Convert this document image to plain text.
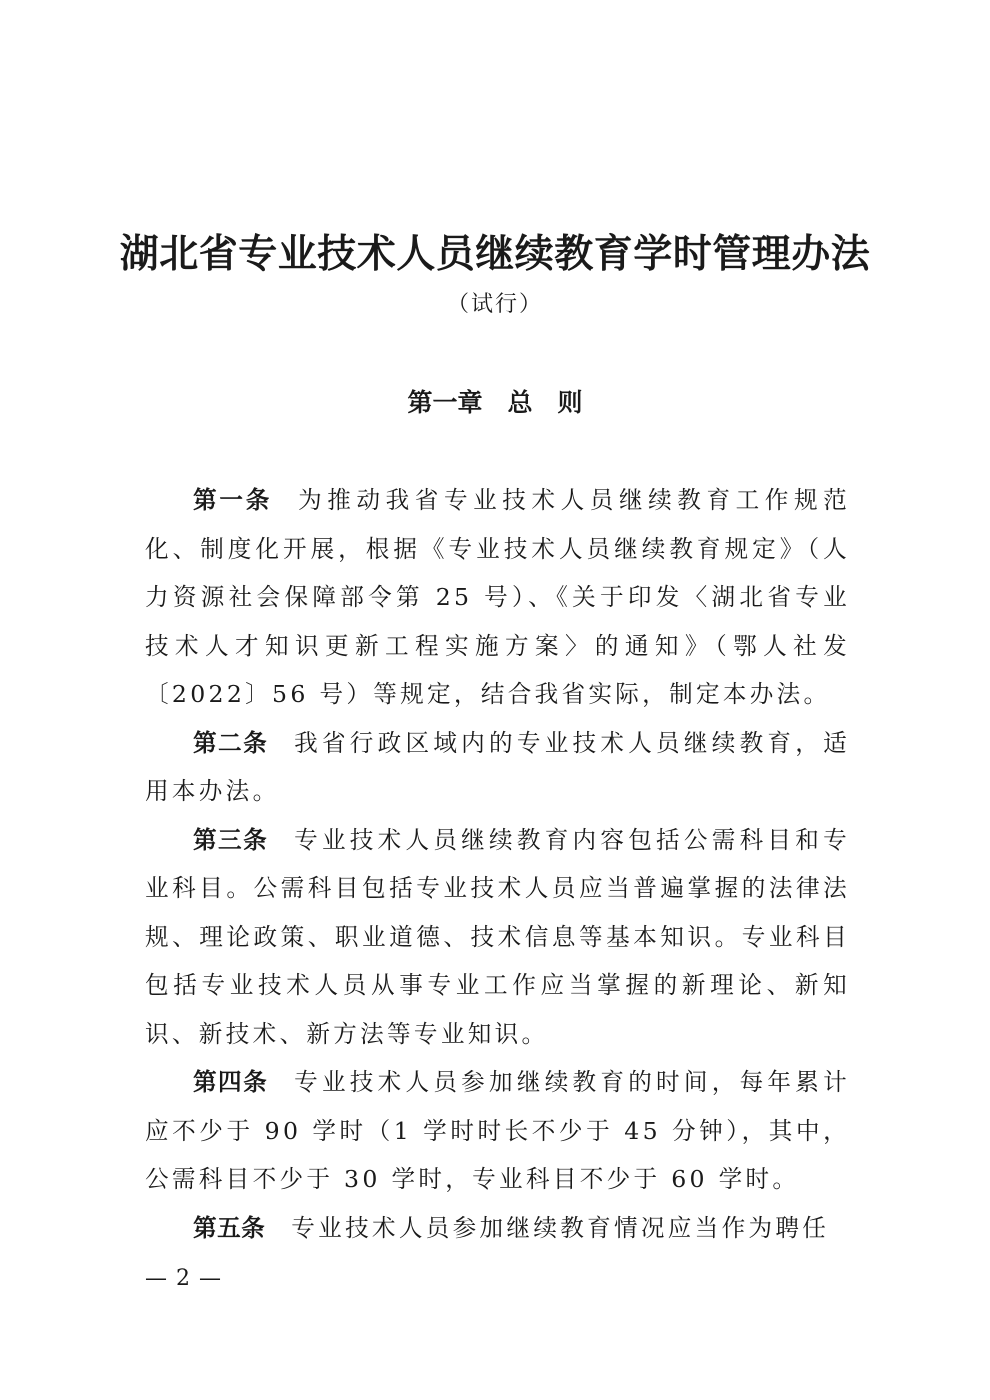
湖北省专业技术人员继续教育学时管理办法
（试行）
第一章　总　则

第一条 为推动我省专业技术人员继续教育工作规范化、制度化开展，根据《专业技术人员继续教育规定》（人力资源社会保障部令第 25 号）、《关于印发〈湖北省专业技术人才知识更新工程实施方案〉的通知》（鄂人社发〔2022〕56 号）等规定，结合我省实际，制定本办法。

第二条 我省行政区域内的专业技术人员继续教育，适用本办法。

第三条 专业技术人员继续教育内容包括公需科目和专业科目。公需科目包括专业技术人员应当普遍掌握的法律法规、理论政策、职业道德、技术信息等基本知识。专业科目包括专业技术人员从事专业工作应当掌握的新理论、新知识、新技术、新方法等专业知识。

第四条 专业技术人员参加继续教育的时间，每年累计应不少于 90 学时（1 学时时长不少于 45 分钟），其中，公需科目不少于 30 学时，专业科目不少于 60 学时。

第五条 专业技术人员参加继续教育情况应当作为聘任

— 2 —
